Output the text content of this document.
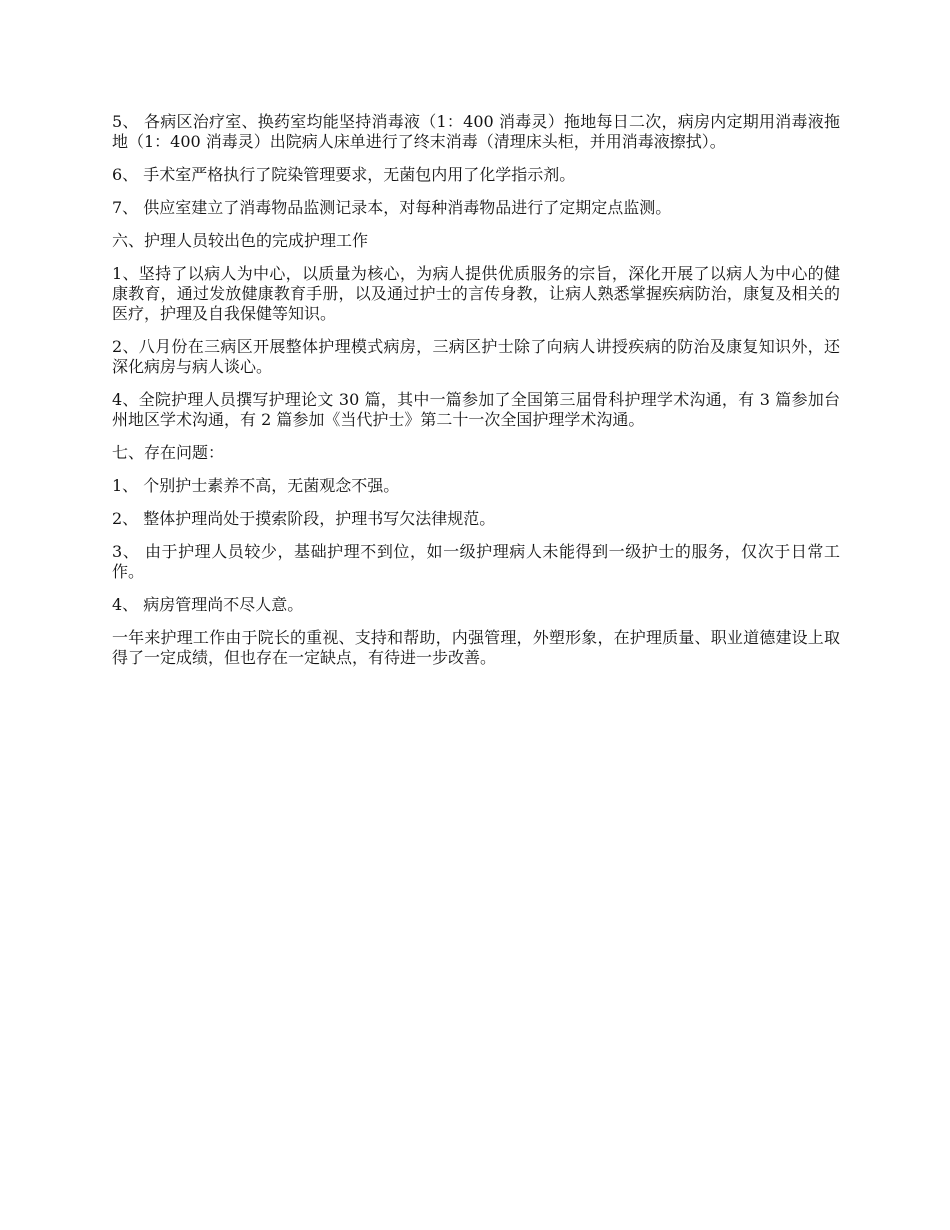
5、 各病区治疗室、换药室均能坚持消毒液（1：400 消毒灵）拖地每日二次，病房内定期用消毒液拖地（1：400 消毒灵）出院病人床单进行了终末消毒（清理床头柜，并用消毒液擦拭）。

6、 手术室严格执行了院染管理要求，无菌包内用了化学指示剂。

7、 供应室建立了消毒物品监测记录本，对每种消毒物品进行了定期定点监测。

六、护理人员较出色的完成护理工作

1、坚持了以病人为中心，以质量为核心，为病人提供优质服务的宗旨，深化开展了以病人为中心的健康教育，通过发放健康教育手册，以及通过护士的言传身教，让病人熟悉掌握疾病防治，康复及相关的医疗，护理及自我保健等知识。

2、八月份在三病区开展整体护理模式病房，三病区护士除了向病人讲授疾病的防治及康复知识外，还深化病房与病人谈心。

4、全院护理人员撰写护理论文 30 篇，其中一篇参加了全国第三届骨科护理学术沟通，有 3 篇参加台州地区学术沟通，有 2 篇参加《当代护士》第二十一次全国护理学术沟通。

七、存在问题：

1、 个别护士素养不高，无菌观念不强。

2、 整体护理尚处于摸索阶段，护理书写欠法律规范。

3、 由于护理人员较少，基础护理不到位，如一级护理病人未能得到一级护士的服务，仅次于日常工作。

4、 病房管理尚不尽人意。

一年来护理工作由于院长的重视、支持和帮助，内强管理，外塑形象，在护理质量、职业道德建设上取得了一定成绩，但也存在一定缺点，有待进一步改善。
